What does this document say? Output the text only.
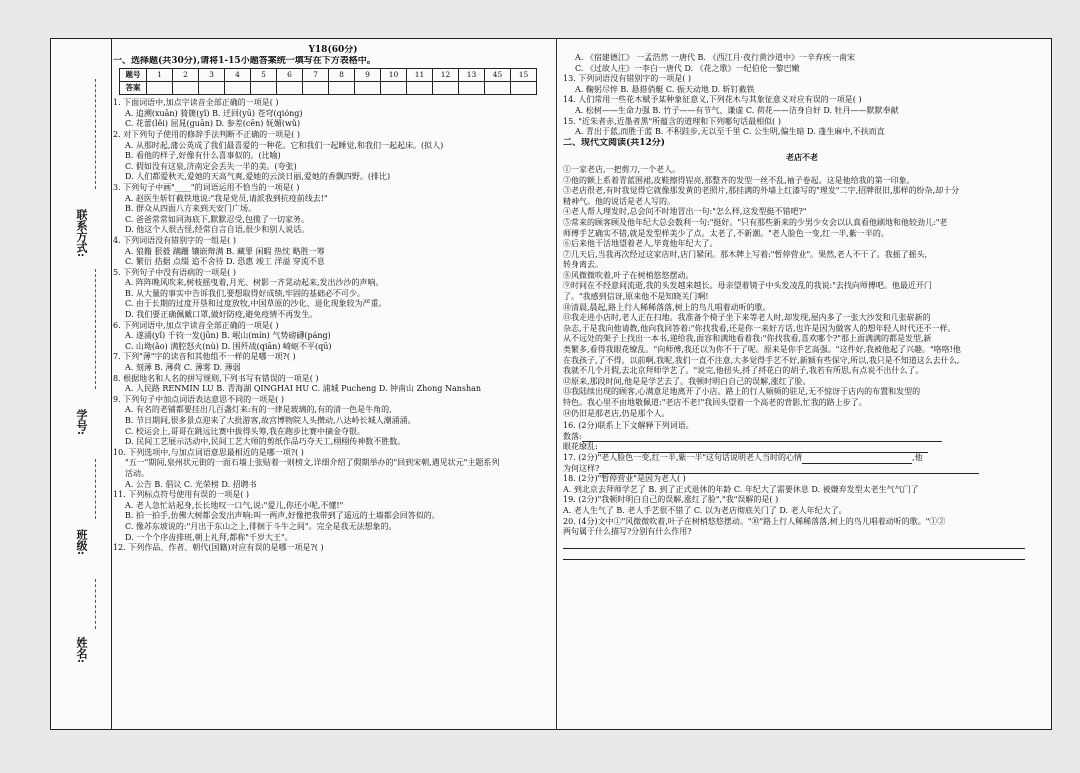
联系方式:
学号:
班级:
姓名:
Y18(60分)
一、选择题(共30分),请将1-15小题答案统一填写在下方表格中。
题号	1	2	3	4	5	6	7	8	9	10	11	12	13	45	15
答案															
1. 下面词语中,加点字读音全部正确的一项是( )
A. 追溯(xuān) 猗篪(yǐ) B. 迁回(yū) 苍穹(qióng)
C. 花蕾(lěi) 屈晁(guān) D. 参差(cēn) 妩媚(wǔ)
2. 对下列句子使用的修辞手法判断不正确的一项是( )
A. 从那时起,蒲公英成了我们最喜爱的一种花。它和我们一起睡觉,和我们一起起床。(拟人)
B. 看他的样子,好像有什么喜事似的。(比喻)
C. 假如没有这泉,济南定会丢失一半的美。(夸张)
D. 人们都爱秋天,爱她的天高气爽,爱她的云淡日丽,爱她的香飘四野。(排比)
3. 下列句子中画"____"的词语运用不恰当的一项是( )
A. 赵医生斩钉截铁地说:"我是党员,请派我到抗疫前线去!"
B. 群众从四面八方来到天安门广场。
C. 爸爸常常如同海底下,默默忍受,包揽了一切家务。
D. 他这个人很古怪,经常自言自语,很少和别人说话。
4. 下列词语没有错别字的一组是( )
A. 狼籍 狠毅 蹒跚 镶嵌辩满 B. 藏罪 闲暇 热忱 略胜一筹
C. 繁衍 拮据 点缀 追不舍待 D. 恐惠 竣工 洋溢 穿流不息
5. 下列句子中没有语病的一项是( )
A. 阵阵晚风吹来,树枝摇曳着,月光、树影一齐晃动起来,发出沙沙的声响。
B. 从大量的事实中告诉我们,要想取得好成绩,牢固的基础必不可少。
C. 由于长期的过度开垦和过度放牧,中国草原的沙化、退化现象较为严重。
D. 我们要正确佩戴口罩,做好防疫,避免疫情不再发生。
6. 下列词语中,加点字读音全部正确的一项是( )
A. 遂涌(yǐ) 千钧一发(jūn) B. 岷山(mín) 气势磅礴(páng)
C. 山坳(ǎo) 满腔怒火(nù) D. 围歼战(qiān) 崎岖不平(qū)
7. 下列"薄"字的读音和其他组不一样的是哪一项?( )
A. 刻薄 B. 薄荷 C. 薄雾 D. 薄弱
8. 根据地名和人名的拼写规则,下列书写有错误的一项是( )
A. 人民路 RENMIN LU B. 青海湖 QINGHAI HU C. 浦城 Pucheng D. 钟南山 Zhong Nanshan
9. 下列句子中加点词语表达意思不同的一项是( )
A. 有名的老铺都要挂出几百盏灯来:有的一律是玻璃的,有的清一色是牛角的,
B. 节日期间,很多景点迎来了大批游客,故宫博物院人头攒动,八达岭长城人潮涌涌。
C. 校运会上,哥哥在跳远比赛中拔得头筹,我在跑步比赛中摘金夺银。
D. 民间工艺展示活动中,民间工艺大师的剪纸作品巧夺天工,栩栩传神数不胜数。
10. 下列选项中,与加点词语意思最相近的是哪一项?( )
"五一"期间,泉州状元街的一面石墙上张贴着一则榜文,详细介绍了假期举办的"回到宋朝,遇见状元"主题系列
活动。
A. 公告 B. 倡议 C. 光荣榜 D. 招聘书
11. 下列标点符号使用有误的一项是( )
A. 老人急忙站起身,长长地叹一口气,说:"爱儿,你还小呢,不懂!"
B. 拍一拍手,仿佛大树都会发出声响:叫一两声,好像把我带到了遥远的土墙都会回答似的。
C. 像苏东坡说的:"月出于东山之上,徘徊于斗牛之间"。完全是我无法想象的。
D. 一个个序齿排班,朝上礼拜,都称"千岁大王"。
12. 下列作品、作者、朝代(国籍)对应有误的是哪一项是?( )
A. 《宿建德江》 一孟浩然 一唐代 B. 《西江月·夜行黄沙道中》一辛弃疾一南宋
C. 《过故人庄》一李白一唐代 D. 《花之歌》一纪伯伦一黎巴嫩
13. 下列词语没有错别字的一项是( )
A. 鞠躬尽悴 B. 悬措俏艇 C. 振天动地 D. 斩钉截铁
14. 人们常用一些花木赋予某种象征意义,下列花木与其象征意义对应有误的一项是( )
A. 松树——生命力强 B. 竹子——有节气、谦虚 C. 荷花——洁身自好 D. 牡丹——默默奉献
15. "近朱者赤,近墨者黑"所蕴含的道理和下列哪句话最相似( )
A. 青出于蓝,而胜于蓝 B. 不积跬步,无以至千里 C. 公生明,偏生暗 D. 蓬生麻中,不扶而直
二、现代文阅读(共12分)
老店不老
①一家老店,一把剪刀,一个老人。
②他的额上系着青蓝围裙,皮鞋擦得锃亮,那整齐的发型一丝不乱,袖子卷起。这是他给我的第一印象。
③老店很老,有时我觉得它就像那发黄的老照片,那挂满的外墙上红漆写的"理发"二字,招牌很旧,那样的纷杂,却十分
精神气。他的说话是老人写的。
④老人帮人理发时,总会问不时地冒出一句:"怎么样,这发型挺不错吧?"
⑤常来的顾客顾及他年纪大总会数利一句:"挺好。"只有那些新来的少男少女会以认真看他刷地和他较劲儿:"老
师傅手艺确实不错,就是发型样美少了点。太老了,不新潮。"老人脸色一变,红一半,紫一半的。
⑥后来他干活地望着老人,毕竟他年纪大了。
⑦几天后,当我再次经过这家店时,店门紧闭。那木牌上写着:"暂停营业"。果然,老人不干了。我摇了摇头,
转身离去。
⑧风微微吹着,叶子在树梢悠悠摆动。
⑨时间在不经意间流逝,我的头发越来越长。母亲望着镜子中头发凌乱的我说:"去找向师傅吧。他最近开门
了。"我感到信讶,原来他不是知晓关门啊!
⑩清晨,晨起,路上行人稀稀落落,树上的鸟儿唱着动听的歌。
⑪我走进小店时,老人正在扫地。我准备个椅子坐下来等老人时,却发现,屋内多了一张大沙发和几张崭新的
杂志,于是我向他请教,他向我回答着:"你找我看,还是你一来好方话,也许是因为做客人的想年轻人时代还不一样。
从不远处的架子上找出一本书,递给我,面容和满地看着我:"你找我看,喜欢哪个?"那上面满满的都是发型,新
类繁多,看得我眼花缭乱。"向师傅,我还以为你不干了呢。原来是你手艺高强。"这件好,我被他起了兴趣。"咯咯!他
在我孩子,了不得。以前啊,我呢,我们一直不注意,大多觉得手艺不好,新颖有些保守,所以,我只是不知道这么去什么,
我就不几个月假,去北京拜师学艺了。"说完,他扭头,捋了捋花白的胡子,我若有所思,有点说不出什么了。
⑫原来,那段时间,他是是学艺去了。我顿时明白自己的误解,涨红了脸。
⑬我陆续出现的顾客,心满意足地离开了小店。路上的行人频频的驻足,无不惊讶于店内的布置和发型的
特色。我心里不由地敬佩道:"老店不老!"我回头望着一个高老的背影,忙我的路上步了。
⑭仍旧是那老店,仍是那个人。
16. (2分)联系上下文解释下列词语。
数落:
眼花缭乱:
17. (2分)"老人脸色一变,红一半,紫一半"这句话说明老人当时的心情	,他
为何这样?
18. (2分)"暂停营业"是因为老人( )
A. 到北京去拜师学艺了 B. 到了正式退休的年龄 C. 年纪大了需要休息 D. 被嫌弃发型太老生气气门了
19. (2分)"我顿时明白自己的误解,涨红了脸","我"误解的是( )
A. 老人生气了 B. 老人手艺很不错了 C. 以为老店彻底关门了 D. 老人年纪大了。
20. (4分)文中①"风微微吹着,叶子在树梢悠悠摆动。"⑩"路上行人稀稀落落,树上的鸟儿唱着动听的歌。"①②
两句属于什么描写?分别有什么作用?
